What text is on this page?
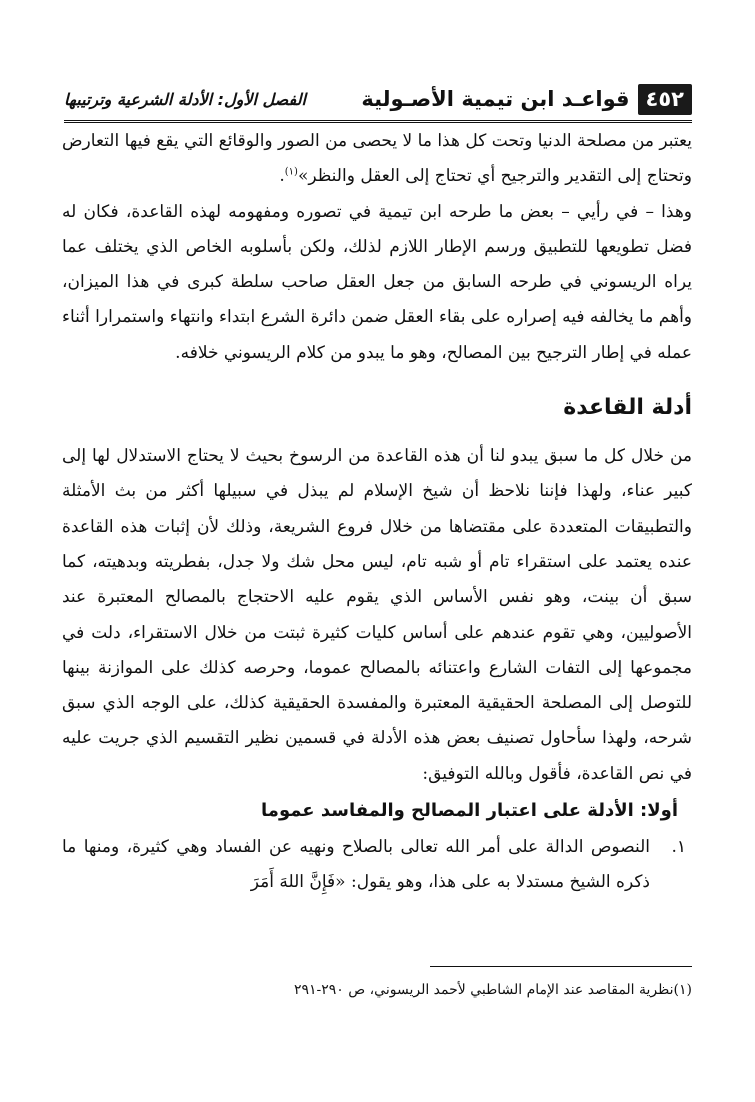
٤٥٢
قواعـد ابن تيمية الأصـولية
الفصل الأول: الأدلة الشرعية وترتيبها

يعتبر من مصلحة الدنيا وتحت كل هذا ما لا يحصى من الصور والوقائع التي يقع فيها التعارض وتحتاج إلى التقدير والترجيح أي تحتاج إلى العقل والنظر»$^{(١)}$.

وهذا – في رأيي – بعض ما طرحه ابن تيمية في تصوره ومفهومه لهذه القاعدة، فكان له فضل تطويعها للتطبيق ورسم الإطار اللازم لذلك، ولكن بأسلوبه الخاص الذي يختلف عما يراه الريسوني في طرحه السابق من جعل العقل صاحب سلطة كبرى في هذا الميزان، وأهم ما يخالفه فيه إصراره على بقاء العقل ضمن دائرة الشرع ابتداء وانتهاء واستمرارا أثناء عمله في إطار الترجيح بين المصالح، وهو ما يبدو من كلام الريسوني خلافه.

أدلة القاعدة

من خلال كل ما سبق يبدو لنا أن هذه القاعدة من الرسوخ بحيث لا يحتاج الاستدلال لها إلى كبير عناء، ولهذا فإننا نلاحظ أن شيخ الإسلام لم يبذل في سبيلها أكثر من بث الأمثلة والتطبيقات المتعددة على مقتضاها من خلال فروع الشريعة، وذلك لأن إثبات هذه القاعدة عنده يعتمد على استقراء تام أو شبه تام، ليس محل شك ولا جدل، بفطريته وبدهيته، كما سبق أن بينت، وهو نفس الأساس الذي يقوم عليه الاحتجاج بالمصالح المعتبرة عند الأصوليين، وهي تقوم عندهم على أساس كليات كثيرة ثبتت من خلال الاستقراء، دلت في مجموعها إلى التفات الشارع واعتنائه بالمصالح عموما، وحرصه كذلك على الموازنة بينها للتوصل إلى المصلحة الحقيقية المعتبرة والمفسدة الحقيقية كذلك، على الوجه الذي سبق شرحه، ولهذا سأحاول تصنيف بعض هذه الأدلة في قسمين نظير التقسيم الذي جريت عليه في نص القاعدة، فأقول وبالله التوفيق:

أولا: الأدلة على اعتبار المصالح والمفاسد عموما
١.
النصوص الدالة على أمر الله تعالى بالصلاح ونهيه عن الفساد وهي كثيرة، ومنها ما ذكره الشيخ مستدلا به على هذا، وهو يقول: «فَإِنَّ اللهَ أَمَرَ
(١)نظرية المقاصد عند الإمام الشاطبي لأحمد الريسوني، ص ٢٩٠-٢٩١
